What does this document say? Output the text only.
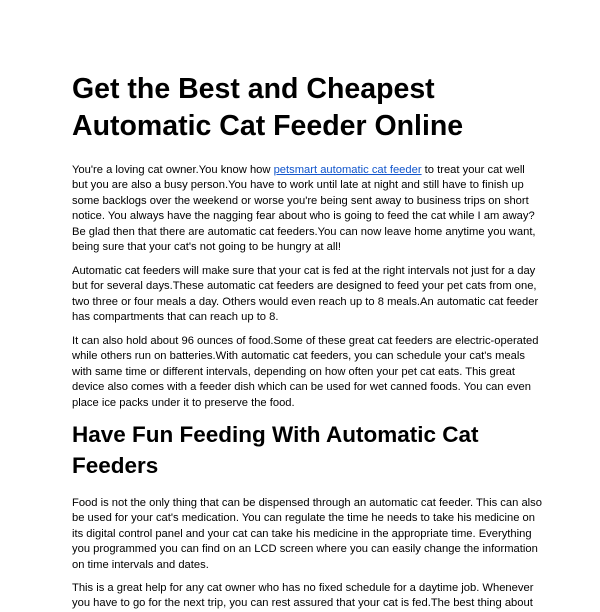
Get the Best and Cheapest Automatic Cat Feeder Online

You're a loving cat owner.You know how petsmart automatic cat feeder to treat your cat well but you are also a busy person.You have to work until late at night and still have to finish up some backlogs over the weekend or worse you're being sent away to business trips on short notice. You always have the nagging fear about who is going to feed the cat while I am away? Be glad then that there are automatic cat feeders.You can now leave home anytime you want, being sure that your cat's not going to be hungry at all!

Automatic cat feeders will make sure that your cat is fed at the right intervals not just for a day but for several days.These automatic cat feeders are designed to feed your pet cats from one, two three or four meals a day. Others would even reach up to 8 meals.An automatic cat feeder has compartments that can reach up to 8.

It can also hold about 96 ounces of food.Some of these great cat feeders are electric-operated while others run on batteries.With automatic cat feeders, you can schedule your cat's meals with same time or different intervals, depending on how often your pet cat eats. This great device also comes with a feeder dish which can be used for wet canned foods. You can even place ice packs under it to preserve the food.

Have Fun Feeding With Automatic Cat Feeders

Food is not the only thing that can be dispensed through an automatic cat feeder. This can also be used for your cat's medication. You can regulate the time he needs to take his medicine on its digital control panel and your cat can take his medicine in the appropriate time. Everything you programmed you can find on an LCD screen where you can easily change the information on time intervals and dates.

This is a great help for any cat owner who has no fixed schedule for a daytime job. Whenever you have to go for the next trip, you can rest assured that your cat is fed.The best thing about
